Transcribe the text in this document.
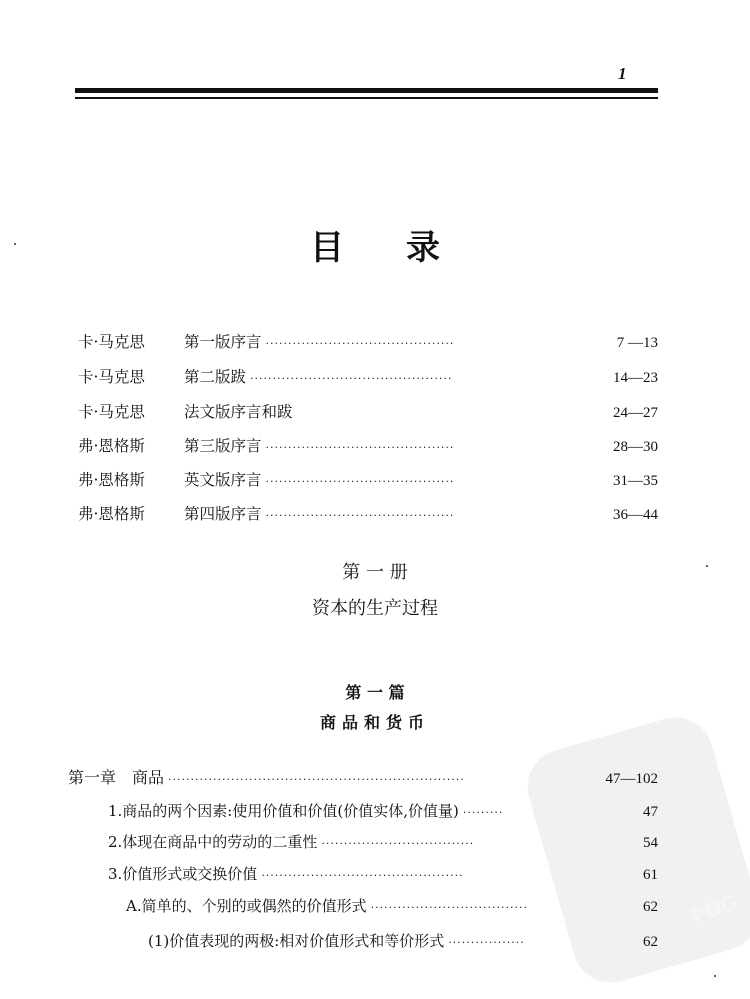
1
目 录
卡·马克思	第一版序言 ··········································	7 —13
卡·马克思	第二版跋 ·············································	14—23
卡·马克思	法文版序言和跋	24—27
弗·恩格斯	第三版序言 ··········································	28—30
弗·恩格斯	英文版序言 ··········································	31—35
弗·恩格斯	第四版序言 ··········································	36—44
第 一 册
资本的生产过程
第 一 篇
商品和货币
PDG
第一章　商品 ··································································	47—102
1.商品的两个因素:使用价值和价值(价值实体,价值量) ·········	47
2.体现在商品中的劳动的二重性 ··································	54
3.价值形式或交换价值 ·············································	61
A.简单的、个别的或偶然的价值形式 ···································	62
(1)价值表现的两极:相对价值形式和等价形式 ·················	62
